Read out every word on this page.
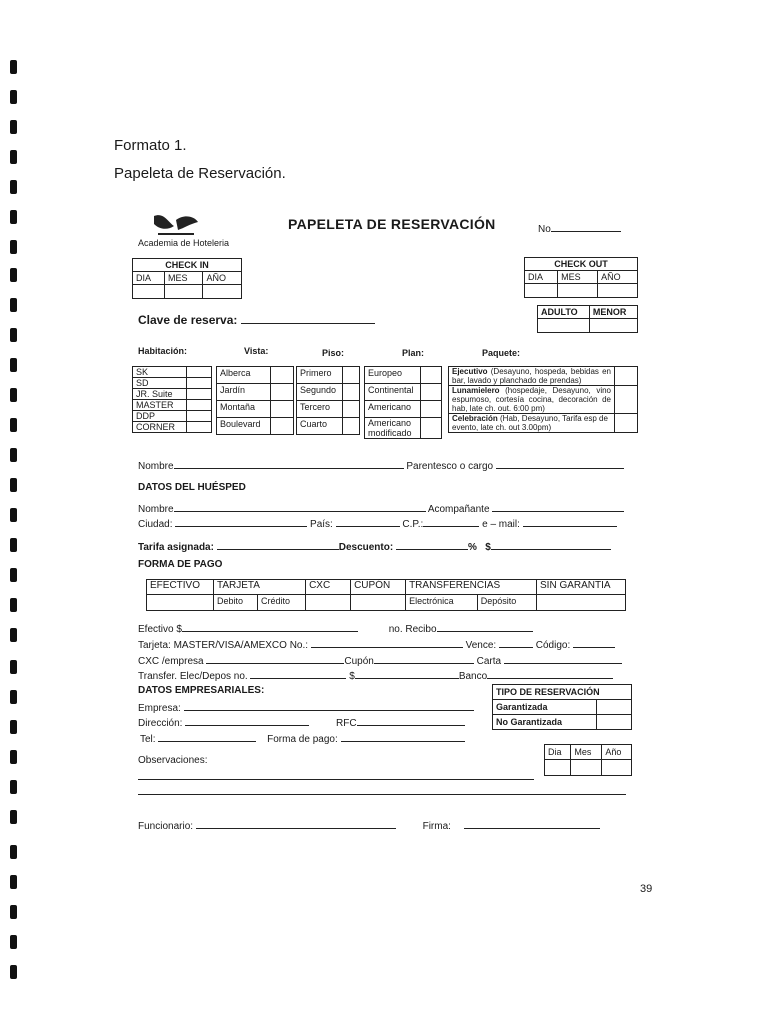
Formato 1.
Papeleta de Reservación.
Academia de Hoteleria
PAPELETA DE RESERVACIÓN	No
CHECK IN		
DIA	MES	AÑO

CHECK OUT		
DIA	MES	AÑO

ADULTO	MENOR

Clave de reserva:
Habitación:	Vista:	Piso:	Plan:	Paquete:
SK	
SD	
JR. Suite	
MASTER	
DDP	
CORNER	
Alberca	
Jardín	
Montaña	
Boulevard	
Primero	
Segundo	
Tercero	
Cuarto	
Europeo	
Continental	
Americano	
Americano modificado	
Ejecutivo (Desayuno, hospeda, bebidas en bar, lavado y planchado de prendas)	
Lunamielero (hospedaje, Desayuno, vino espumoso, cortesía cocina, decoración de hab, late ch. out. 6:00 pm)	
Celebración (Hab, Desayuno, Tarifa esp de evento, late ch. out 3.00pm)	
Nombre	Parentesco o cargo
DATOS DEL HUÉSPED
Nombre	Acompañante
Ciudad:	País:	C.P.:	e – mail:
Tarifa asignada:	Descuento:	% $
FORMA DE PAGO
EFECTIVO	TARJETA		CXC	CUPÓN	TRANSFERENCIAS		SIN GARANTIA
	Debito	Crédito			Electrónica	Depósito	
Efectivo $	no. Recibo
Tarjeta: MASTER/VISA/AMEXCO No.:	Vence:	Código:
CXC /empresa	Cupón	Carta
Transfer. Elec/Depos no.	$	Banco
DATOS EMPRESARIALES:
Empresa:
Dirección:	RFC
Tel:	Forma de pago:
TIPO DE RESERVACIÓN	
Garantizada	
No Garantizada	
Dia	Mes	Año

Observaciones:
Funcionario:	Firma:
39
